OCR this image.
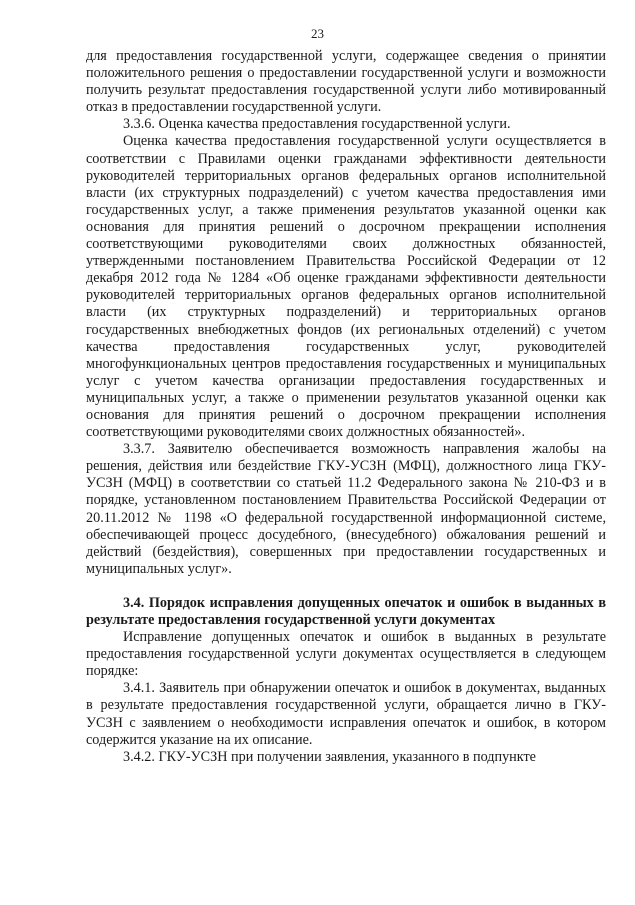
23

для предоставления государственной услуги, содержащее сведения о принятии положительного решения о предоставлении государственной услуги и возможности получить результат предоставления государственной услуги либо мотивированный отказ в предоставлении государственной услуги.

3.3.6. Оценка качества предоставления государственной услуги.

Оценка качества предоставления государственной услуги осуществляется в соответствии с Правилами оценки гражданами эффективности деятельности руководителей территориальных органов федеральных органов исполнительной власти (их структурных подразделений) с учетом качества предоставления ими государственных услуг, а также применения результатов указанной оценки как основания для принятия решений о досрочном прекращении исполнения соответствующими руководителями своих должностных обязанностей, утвержденными постановлением Правительства Российской Федерации от 12 декабря 2012 года № 1284 «Об оценке гражданами эффективности деятельности руководителей территориальных органов федеральных органов исполнительной власти (их структурных подразделений) и территориальных органов государственных внебюджетных фондов (их региональных отделений) с учетом качества предоставления государственных услуг, руководителей многофункциональных центров предоставления государственных и муниципальных услуг с учетом качества организации предоставления государственных и муниципальных услуг, а также о применении результатов указанной оценки как основания для принятия решений о досрочном прекращении исполнения соответствующими руководителями своих должностных обязанностей».

3.3.7. Заявителю обеспечивается возможность направления жалобы на решения, действия или бездействие ГКУ-УСЗН (МФЦ), должностного лица ГКУ-УСЗН (МФЦ) в соответствии со статьей 11.2 Федерального закона № 210-ФЗ и в порядке, установленном постановлением Правительства Российской Федерации от 20.11.2012 № 1198 «О федеральной государственной информационной системе, обеспечивающей процесс досудебного, (внесудебного) обжалования решений и действий (бездействия), совершенных при предоставлении государственных и муниципальных услуг».

3.4. Порядок исправления допущенных опечаток и ошибок в выданных в результате предоставления государственной услуги документах

Исправление допущенных опечаток и ошибок в выданных в результате предоставления государственной услуги документах осуществляется в следующем порядке:

3.4.1. Заявитель при обнаружении опечаток и ошибок в документах, выданных в результате предоставления государственной услуги, обращается лично в ГКУ-УСЗН с заявлением о необходимости исправления опечаток и ошибок, в котором содержится указание на их описание.

3.4.2. ГКУ-УСЗН при получении заявления, указанного в подпункте
